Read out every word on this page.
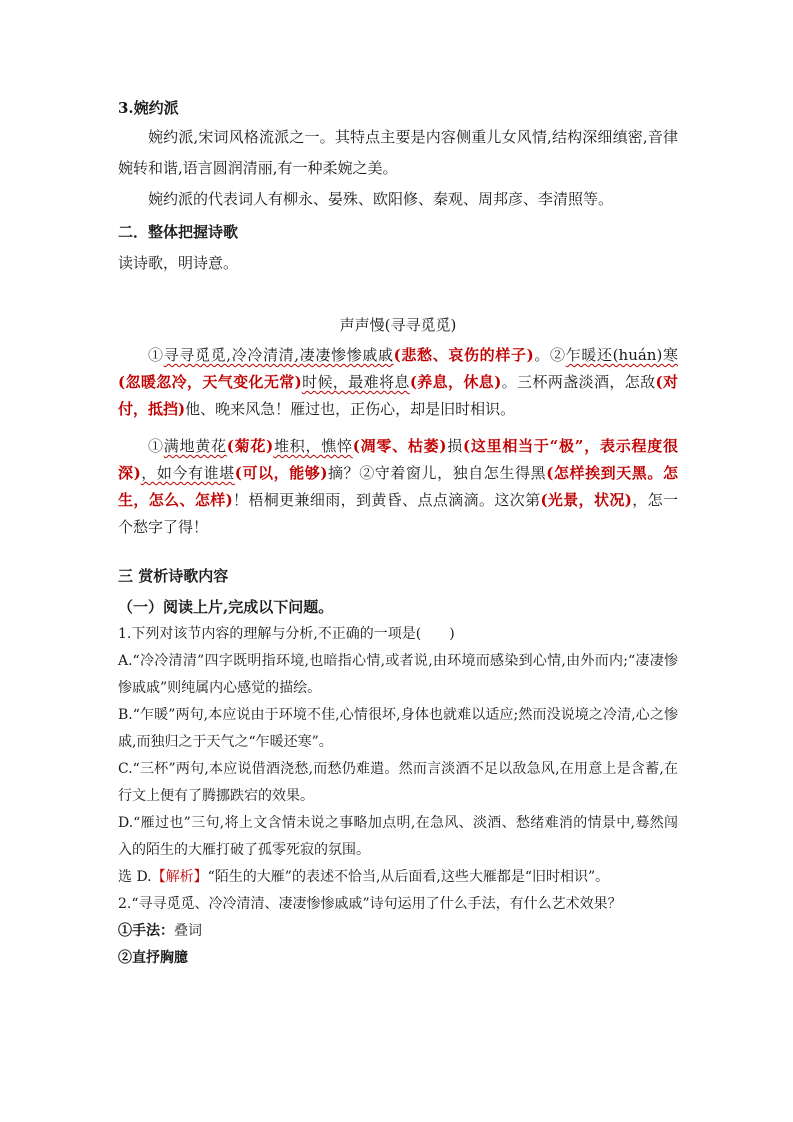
3.婉约派

婉约派,宋词风格流派之一。其特点主要是内容侧重儿女风情,结构深细缜密,音律婉转和谐,语言圆润清丽,有一种柔婉之美。

婉约派的代表词人有柳永、晏殊、欧阳修、秦观、周邦彦、李清照等。

二．整体把握诗歌
读诗歌，明诗意。
声声慢(寻寻觅觅)

①寻寻觅觅,冷冷清清,凄凄惨惨戚戚(悲愁、哀伤的样子)。②乍暖还(huán)寒(忽暖忽冷，天气变化无常)时候，最难将息(养息，休息)。三杯两盏淡酒，怎敌(对付，抵挡)他、晚来风急！雁过也，正伤心，却是旧时相识。

①满地黄花(菊花)堆积，憔悴(凋零、枯萎)损(这里相当于“极”，表示程度很深)，如今有谁堪(可以，能够)摘？②守着窗儿，独自怎生得黑(怎样挨到天黑。怎生，怎么、怎样)！梧桐更兼细雨，到黄昏、点点滴滴。这次第(光景，状况)，怎一个愁字了得！

三 赏析诗歌内容
（一）阅读上片,完成以下问题。

1.下列对该节内容的理解与分析,不正确的一项是(　　)

A.“冷冷清清”四字既明指环境,也暗指心情,或者说,由环境而感染到心情,由外而内;“凄凄惨惨戚戚”则纯属内心感觉的描绘。

B.“乍暖”两句,本应说由于环境不佳,心情很坏,身体也就难以适应;然而没说境之冷清,心之惨戚,而独归之于天气之“乍暖还寒”。

C.“三杯”两句,本应说借酒浇愁,而愁仍难遣。然而言淡酒不足以敌急风,在用意上是含蓄,在行文上便有了腾挪跌宕的效果。

D.“雁过也”三句,将上文含情未说之事略加点明,在急风、淡酒、愁绪难消的情景中,蓦然闯入的陌生的大雁打破了孤零死寂的氛围。

选 D.【解析】“陌生的大雁”的表述不恰当,从后面看,这些大雁都是“旧时相识”。

2.“寻寻觅觅、冷冷清清、凄凄惨惨戚戚”诗句运用了什么手法，有什么艺术效果？

①手法：叠词

②直抒胸臆
